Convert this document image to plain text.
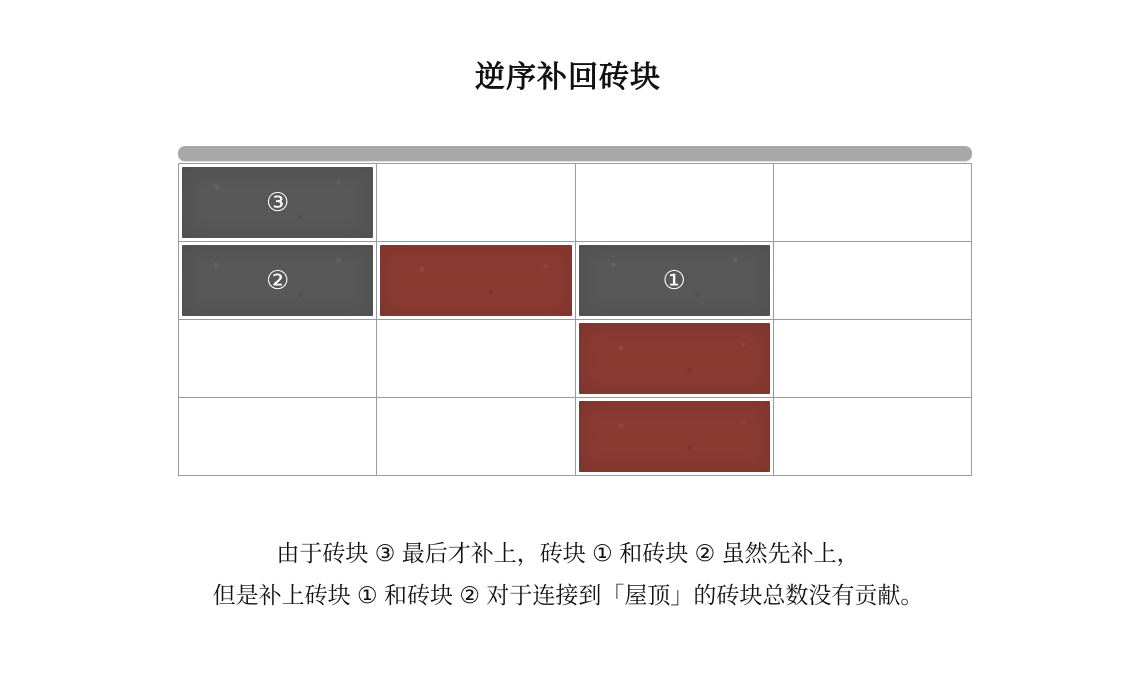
逆序补回砖块
③
②	①
由于砖块 ③ 最后才补上，砖块 ① 和砖块 ② 虽然先补上，
但是补上砖块 ① 和砖块 ② 对于连接到「屋顶」的砖块总数没有贡献。
